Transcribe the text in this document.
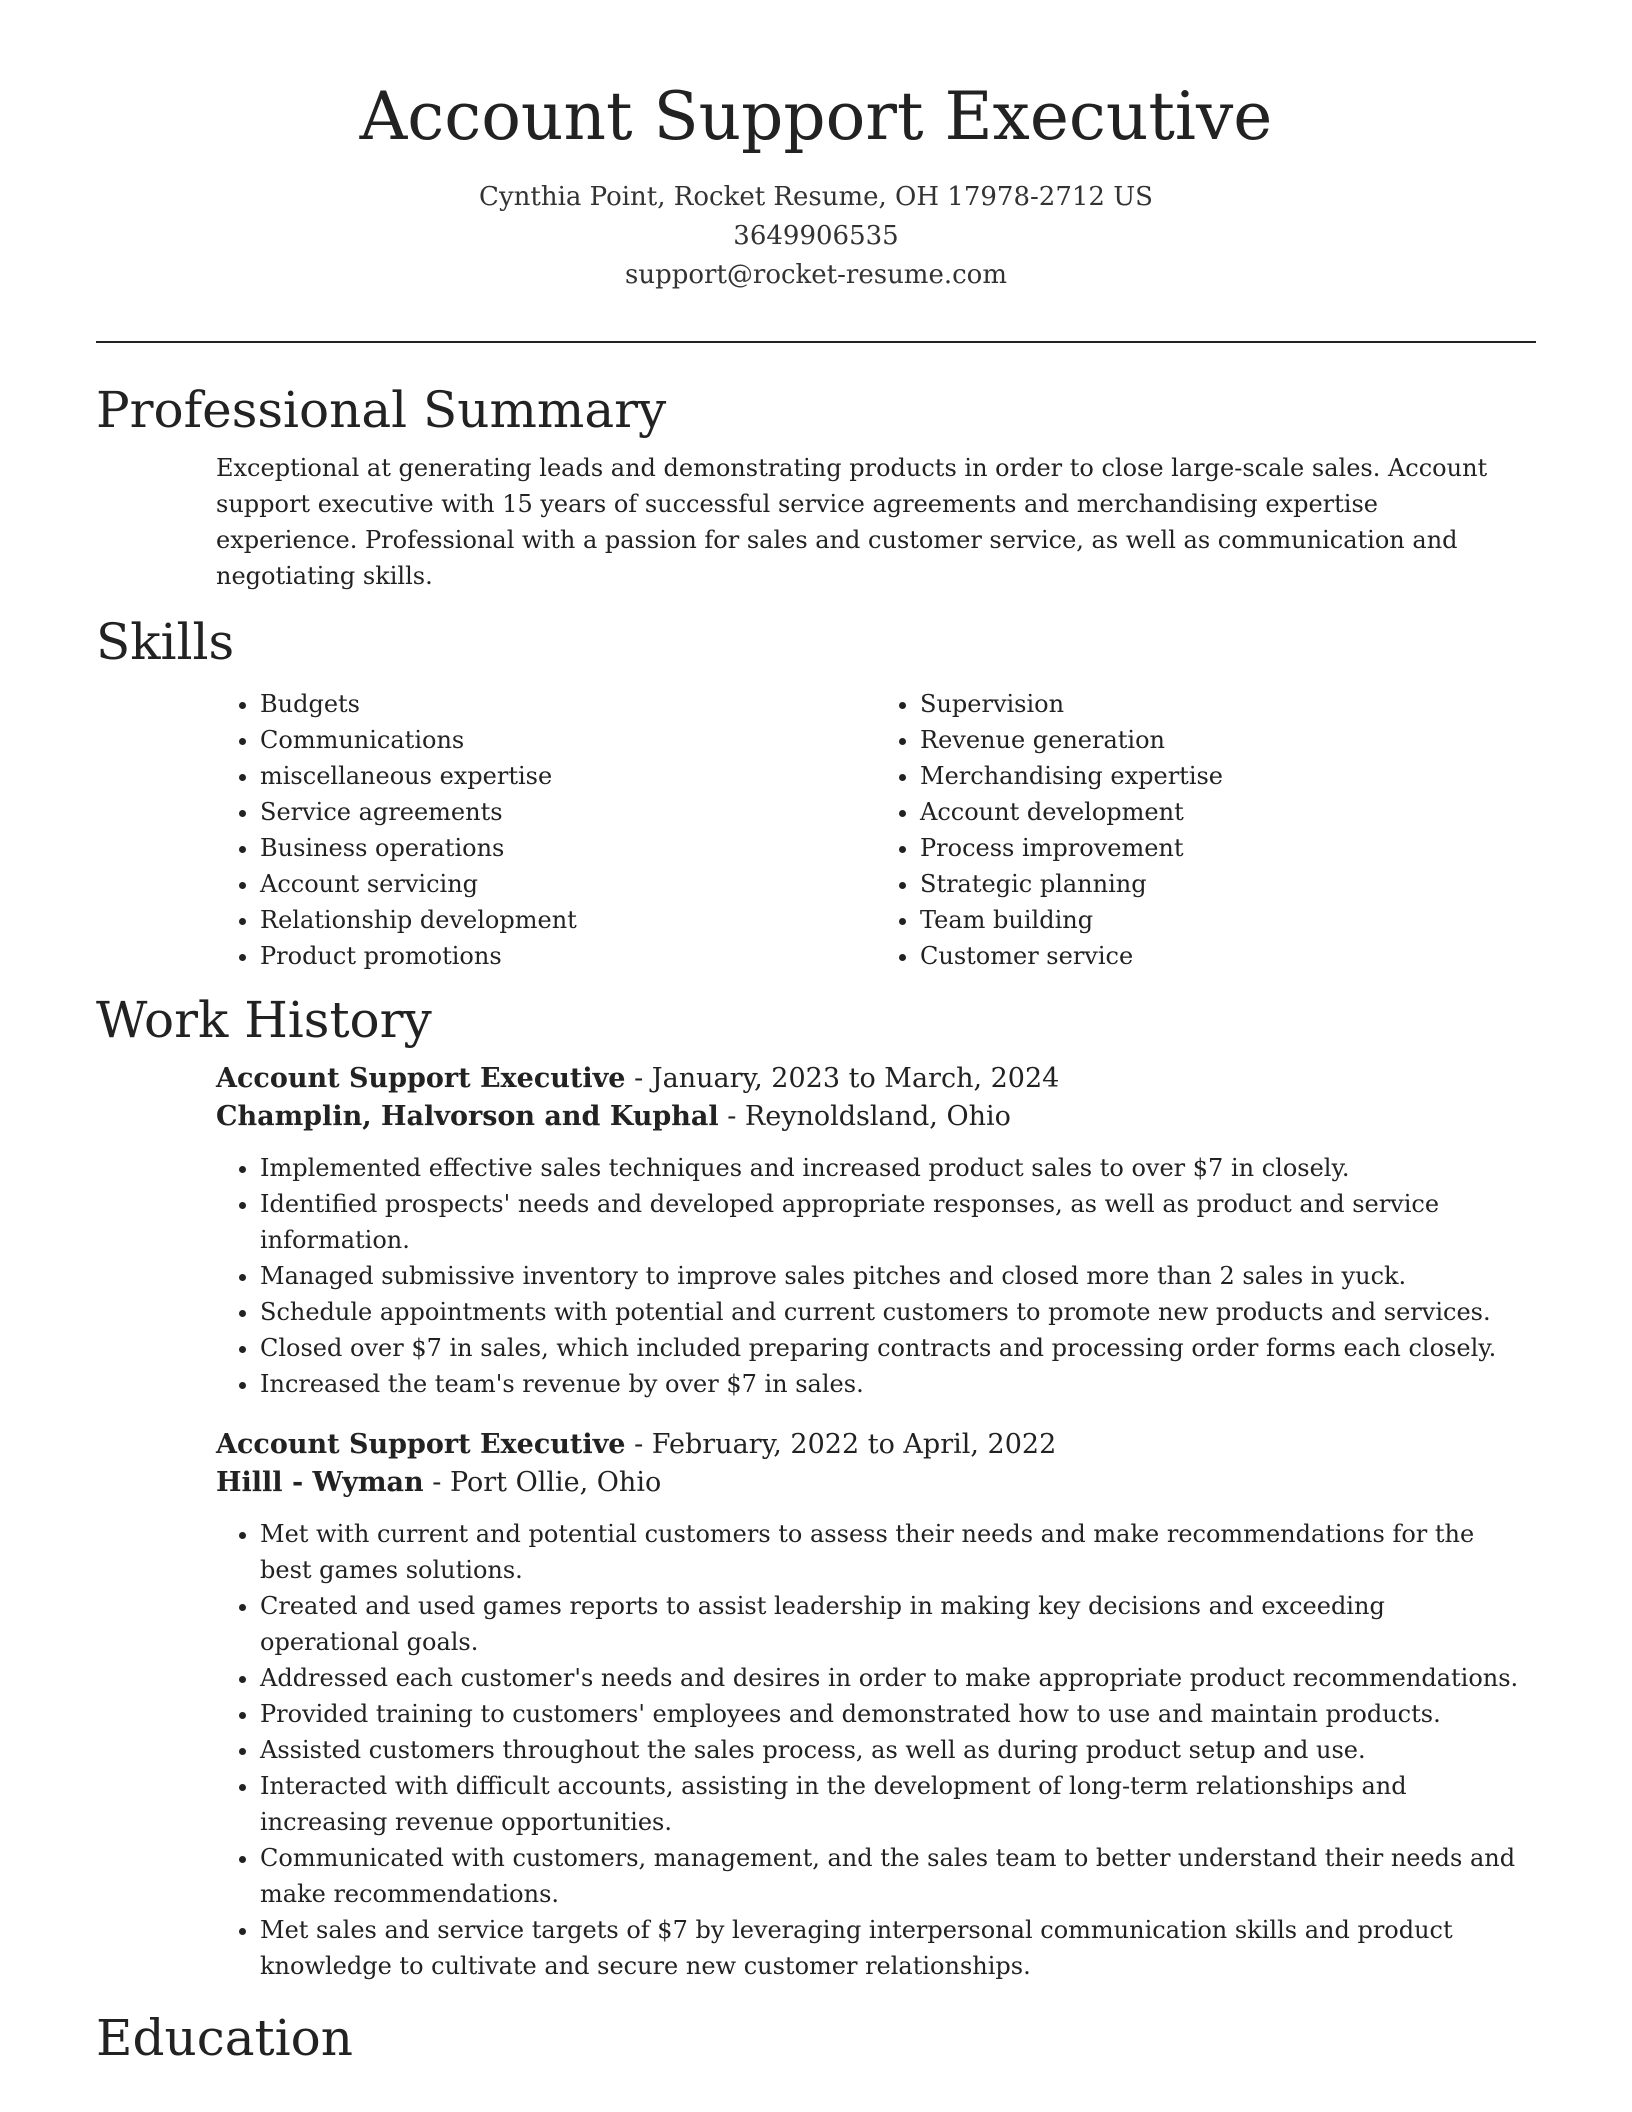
Account Support Executive
Cynthia Point, Rocket Resume, OH 17978-2712 US
3649906535
support@rocket-resume.com
Professional Summary

Exceptional at generating leads and demonstrating products in order to close large-scale sales. Account support executive with 15 years of successful service agreements and merchandising expertise experience. Professional with a passion for sales and customer service, as well as communication and negotiating skills.

Skills
• Budgets
• Communications
• miscellaneous expertise
• Service agreements
• Business operations
• Account servicing
• Relationship development
• Product promotions
• Supervision
• Revenue generation
• Merchandising expertise
• Account development
• Process improvement
• Strategic planning
• Team building
• Customer service
Work History
Account Support Executive - January, 2023 to March, 2024
Champlin, Halvorson and Kuphal - Reynoldsland, Ohio
• Implemented effective sales techniques and increased product sales to over $7 in closely.
• Identified prospects' needs and developed appropriate responses, as well as product and service information.
• Managed submissive inventory to improve sales pitches and closed more than 2 sales in yuck.
• Schedule appointments with potential and current customers to promote new products and services.
• Closed over $7 in sales, which included preparing contracts and processing order forms each closely.
• Increased the team's revenue by over $7 in sales.
Account Support Executive - February, 2022 to April, 2022
Hilll - Wyman - Port Ollie, Ohio
• Met with current and potential customers to assess their needs and make recommendations for the best games solutions.
• Created and used games reports to assist leadership in making key decisions and exceeding operational goals.
• Addressed each customer's needs and desires in order to make appropriate product recommendations.
• Provided training to customers' employees and demonstrated how to use and maintain products.
• Assisted customers throughout the sales process, as well as during product setup and use.
• Interacted with difficult accounts, assisting in the development of long-term relationships and increasing revenue opportunities.
• Communicated with customers, management, and the sales team to better understand their needs and make recommendations.
• Met sales and service targets of $7 by leveraging interpersonal communication skills and product knowledge to cultivate and secure new customer relationships.
Education
